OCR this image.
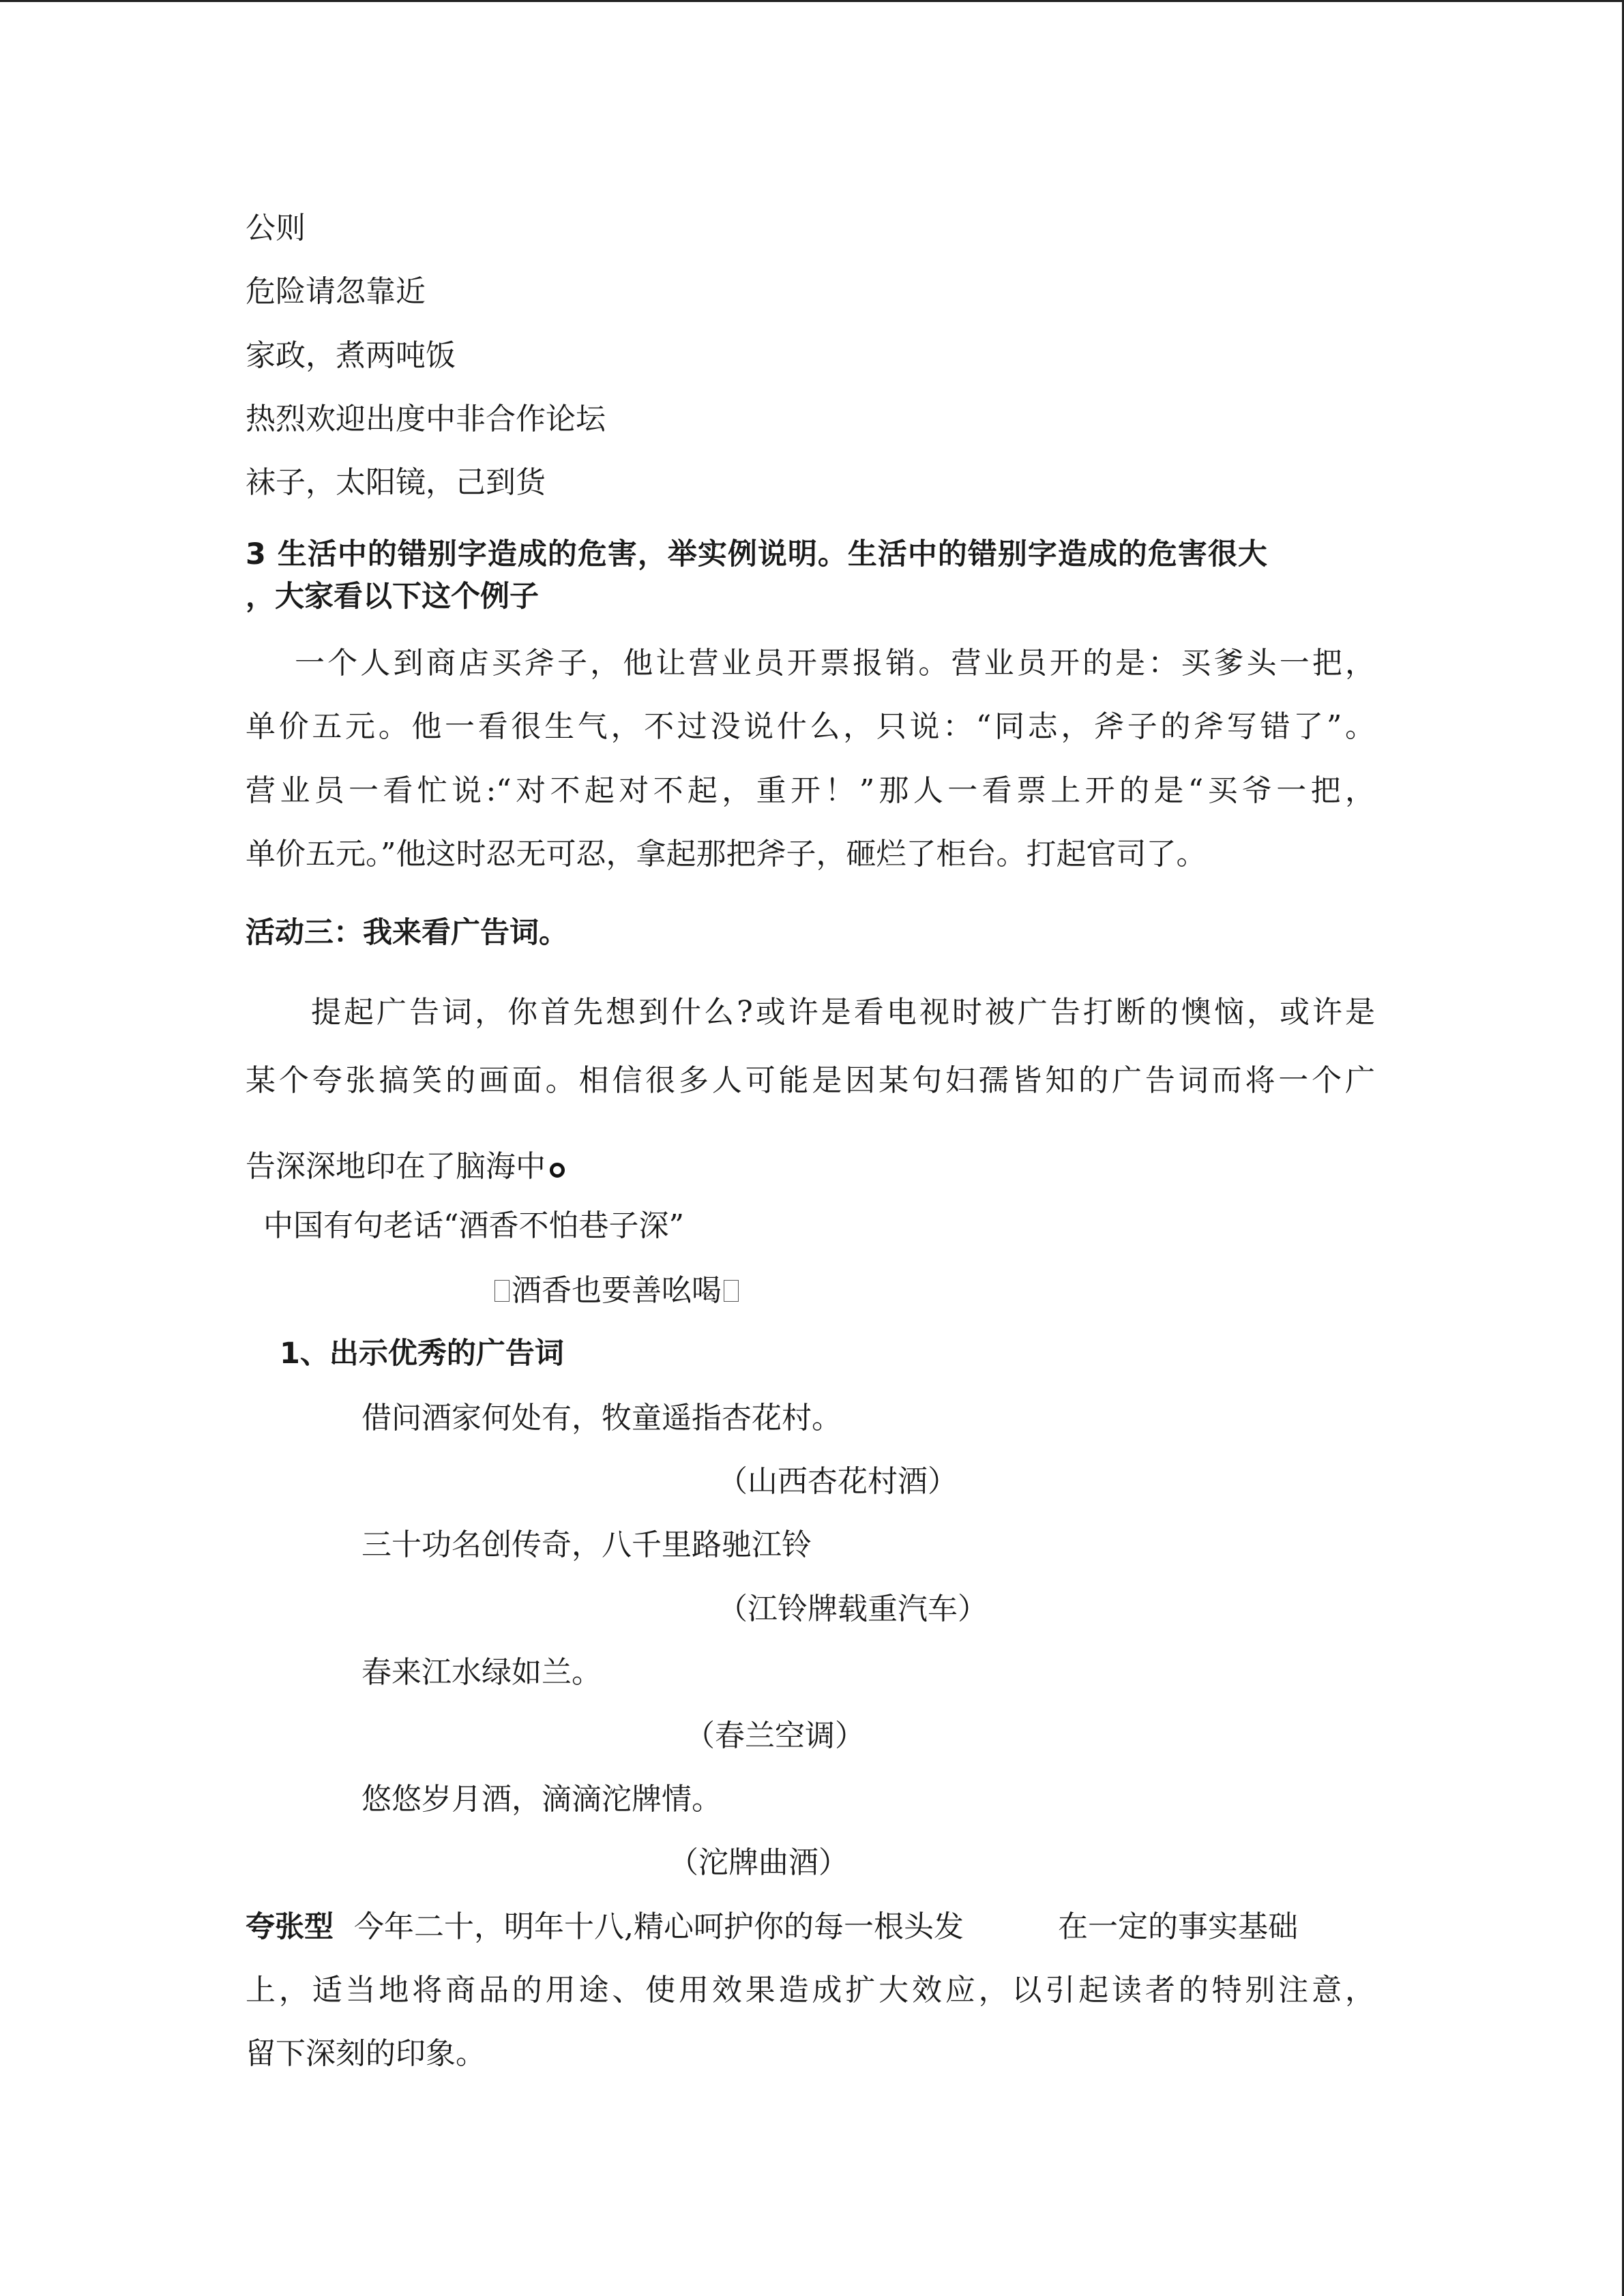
公则
危险请忽靠近
家政，煮两吨饭
热烈欢迎出度中非合作论坛
袜子，太阳镜，己到货
3 生活中的错别字造成的危害，举实例说明。生活中的错别字造成的危害很大
，大家看以下这个例子
一个人到商店买斧子，他让营业员开票报销。营业员开的是：买爹头一把，
单价五元。他一看很生气，不过没说什么，只说：“同志，斧子的斧写错了”。
营业员一看忙说:“对不起对不起，重开！”那人一看票上开的是“买爷一把，
单价五元。”他这时忍无可忍，拿起那把斧子，砸烂了柜台。打起官司了。
活动三：我来看广告词。
提起广告词，你首先想到什么?或许是看电视时被广告打断的懊恼，或许是
某个夸张搞笑的画面。相信很多人可能是因某句妇孺皆知的广告词而将一个广
告深深地印在了脑海中
中国有句老话“酒香不怕巷子深”
酒香也要善吆喝
1、出示优秀的广告词
借问酒家何处有，牧童遥指杏花村。
（山西杏花村酒）
三十功名创传奇，八千里路驰江铃
（江铃牌载重汽车）
春来江水绿如兰。
（春兰空调）
悠悠岁月酒，滴滴沱牌情。
（沱牌曲酒）
夸张型 今年二十，明年十八,精心呵护你的每一根头发	在一定的事实基础
上，适当地将商品的用途、使用效果造成扩大效应，以引起读者的特别注意，
留下深刻的印象。
